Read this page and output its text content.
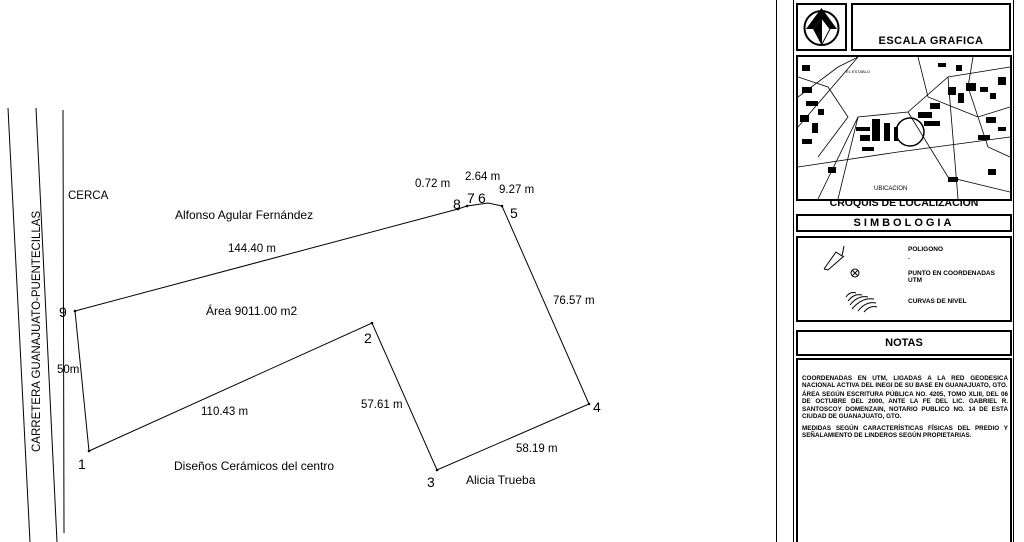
CARRETERA GUANAJUATO-PUENTECILLAS
CERCA
Alfonso Agular Fernández
Diseños Cerámicos del centro
Alicia Trueba
Área 9011.00 m2
110.43 m
57.61 m
58.19 m
76.57 m
9.27 m
2.64 m
0.72 m
144.40 m
50m
1
2
3
4
5
6
7
8
9
ESCALA GRAFICA
EL ESTABLO
UBICACION
CROQUIS DE LOCALIZACION
SIMBOLOGIA
POLIGONO
.
PUNTO EN COORDENADAS UTM
CURVAS DE NIVEL
NOTAS
COORDENADAS EN UTM, LIGADAS A LA RED GEODESICA NACIONAL ACTIVA DEL INEGI DE SU BASE EN GUANAJUATO, GTO.
ÁREA SEGÚN ESCRITURA PÚBLICA NO. 4205, TOMO XLIII, DEL 06 DE OCTUBRE DEL 2000, ANTE LA FE DEL LIC. GABRIEL R. SANTOSCOY DOMENZAIN, NOTARIO PUBLICO NO. 14 DE ESTA CIUDAD DE GUANAJUATO, GTO.
MEDIDAS SEGÚN CARACTERÍSTICAS FÍSICAS DEL PREDIO Y SEÑALAMIENTO DE LINDEROS SEGÚN PROPIETARIAS.
